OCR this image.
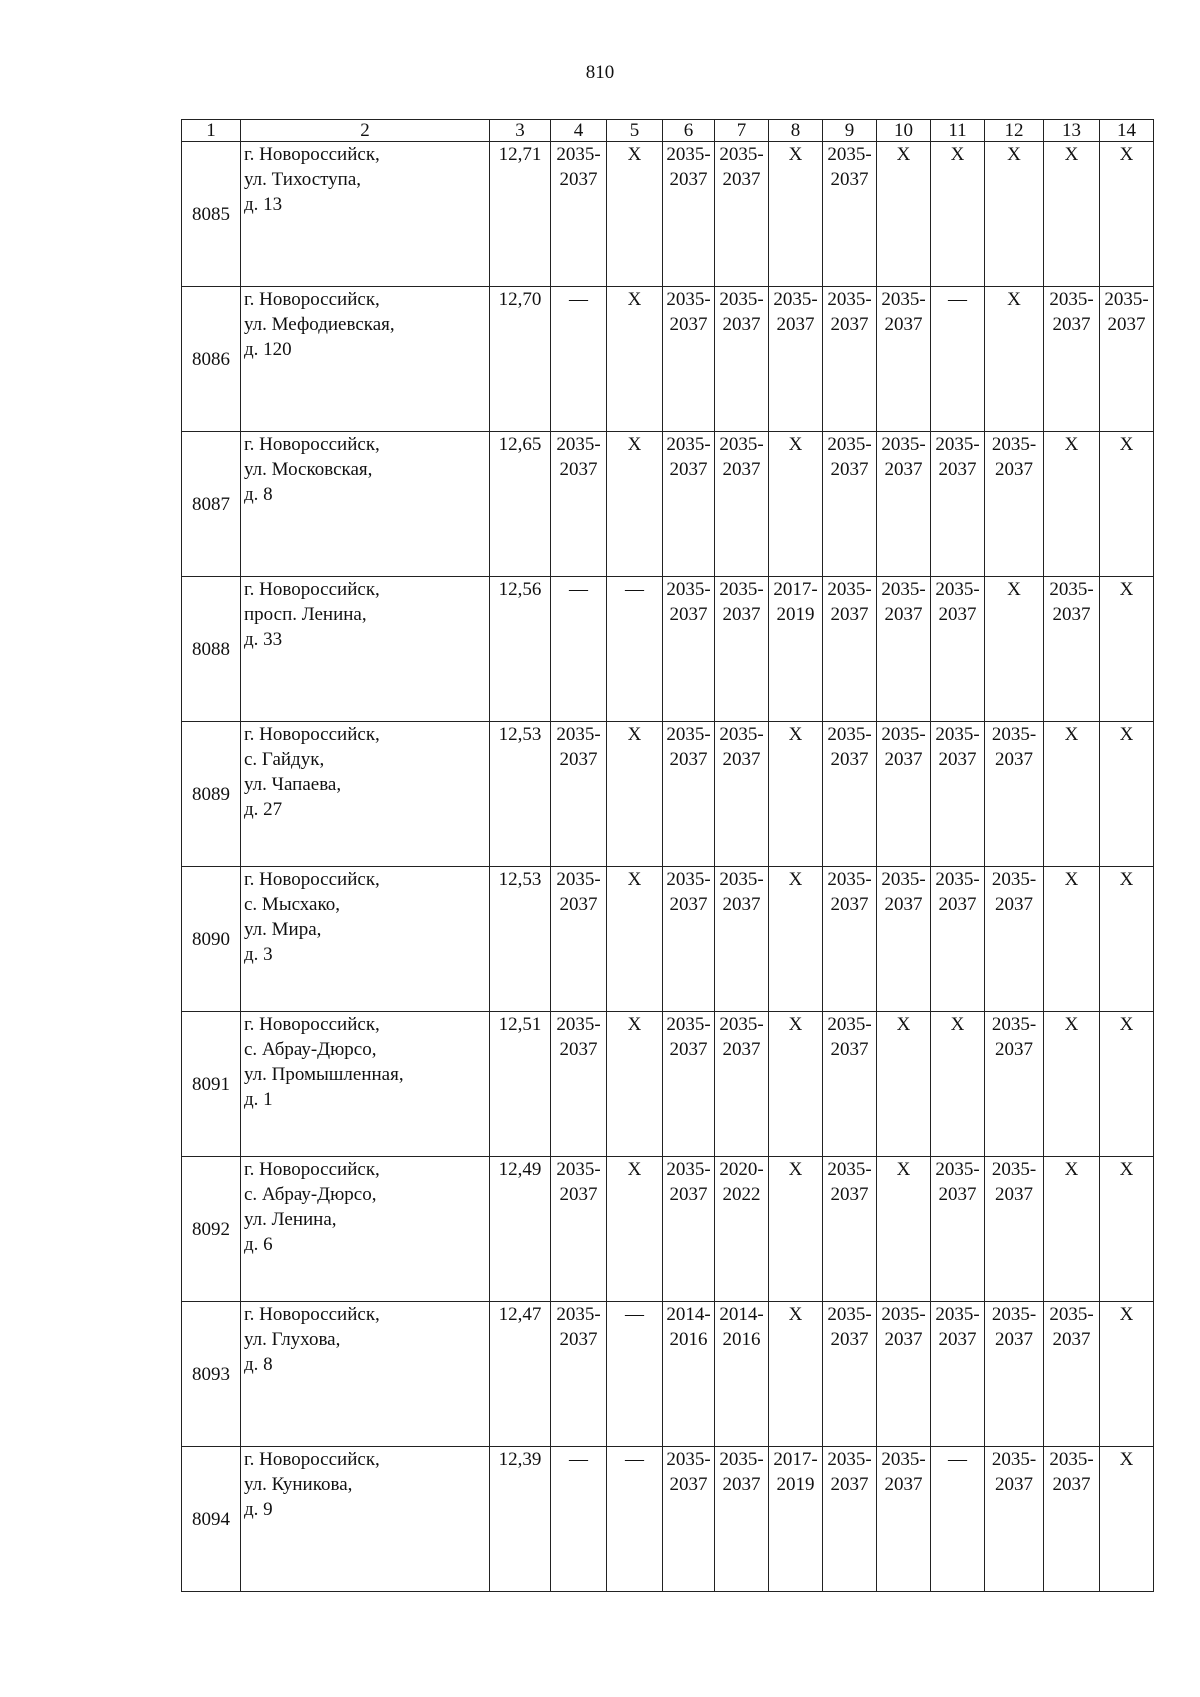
810
1	2	3	4	5	6	7	8	9	10	11	12	13	14
8085	г. Новороссийск,
ул. Тихоступа,
д. 13	12,71	2035-
2037	X	2035-
2037	2035-
2037	X	2035-
2037	X	X	X	X	X
8086	г. Новороссийск,
ул. Мефодиевская,
д. 120	12,70	—	X	2035-
2037	2035-
2037	2035-
2037	2035-
2037	2035-
2037	—	X	2035-
2037	2035-
2037
8087	г. Новороссийск,
ул. Московская,
д. 8	12,65	2035-
2037	X	2035-
2037	2035-
2037	X	2035-
2037	2035-
2037	2035-
2037	2035-
2037	X	X
8088	г. Новороссийск,
просп. Ленина,
д. 33	12,56	—	—	2035-
2037	2035-
2037	2017-
2019	2035-
2037	2035-
2037	2035-
2037	X	2035-
2037	X
8089	г. Новороссийск,
с. Гайдук,
ул. Чапаева,
д. 27	12,53	2035-
2037	X	2035-
2037	2035-
2037	X	2035-
2037	2035-
2037	2035-
2037	2035-
2037	X	X
8090	г. Новороссийск,
с. Мысхако,
ул. Мира,
д. 3	12,53	2035-
2037	X	2035-
2037	2035-
2037	X	2035-
2037	2035-
2037	2035-
2037	2035-
2037	X	X
8091	г. Новороссийск,
с. Абрау-Дюрсо,
ул. Промышленная,
д. 1	12,51	2035-
2037	X	2035-
2037	2035-
2037	X	2035-
2037	X	X	2035-
2037	X	X
8092	г. Новороссийск,
с. Абрау-Дюрсо,
ул. Ленина,
д. 6	12,49	2035-
2037	X	2035-
2037	2020-
2022	X	2035-
2037	X	2035-
2037	2035-
2037	X	X
8093	г. Новороссийск,
ул. Глухова,
д. 8	12,47	2035-
2037	—	2014-
2016	2014-
2016	X	2035-
2037	2035-
2037	2035-
2037	2035-
2037	2035-
2037	X
8094	г. Новороссийск,
ул. Куникова,
д. 9	12,39	—	—	2035-
2037	2035-
2037	2017-
2019	2035-
2037	2035-
2037	—	2035-
2037	2035-
2037	X
